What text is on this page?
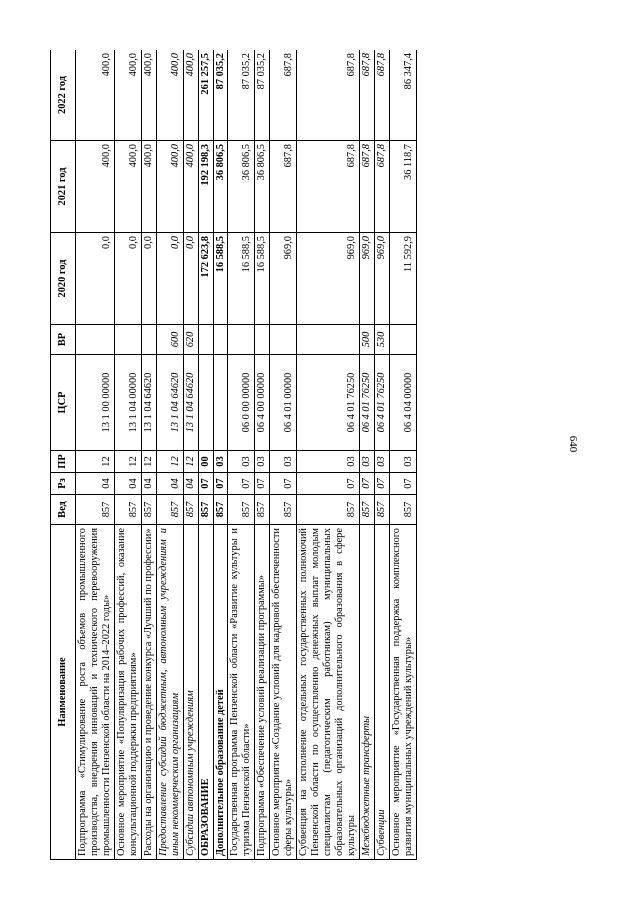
640
Наименование	Вед	Рз	ПР	ЦСР	ВР	2020 год	2021 год	2022 год
Подпрограмма «Стимулирование роста объемов промышленного производства, внедрения инноваций и технического перевооружения промышленности Пензенской области на 2014–2022 годы»	857	04	12	13 1 00 00000		0,0	400,0	400,0
Основное мероприятие «Популяризация рабочих профессий, оказание консультационной поддержки предприятиям»	857	04	12	13 1 04 00000		0,0	400,0	400,0
Расходы на организацию и проведение конкурса «Лучший по профессии»	857	04	12	13 1 04 64620		0,0	400,0	400,0
Предоставление субсидий бюджетным, автономным учреждениям и иным некоммерческим организациям	857	04	12	13 1 04 64620	600	0,0	400,0	400,0
Субсидии автономным учреждениям	857	04	12	13 1 04 64620	620	0,0	400,0	400,0
ОБРАЗОВАНИЕ	857	07	00			172 623,8	192 198,3	261 257,5
Дополнительное образование детей	857	07	03			16 588,5	36 806,5	87 035,2
Государственная программа Пензенской области «Развитие культуры и туризма Пензенской области»	857	07	03	06 0 00 00000		16 588,5	36 806,5	87 035,2
Подпрограмма «Обеспечение условий реализации программы»	857	07	03	06 4 00 00000		16 588,5	36 806,5	87 035,2
Основное мероприятие «Создание условий для кадровой обеспеченности сферы культуры»	857	07	03	06 4 01 00000		969,0	687,8	687,8
Субвенция на исполнение отдельных государственных полномочий Пензенской области по осуществлению денежных выплат молодым специалистам (педагогическим работникам) муниципальных образовательных организаций дополнительного образования в сфере культуры	857	07	03	06 4 01 76250		969,0	687,8	687,8
Межбюджетные трансферты	857	07	03	06 4 01 76250	500	969,0	687,8	687,8
Субвенции	857	07	03	06 4 01 76250	530	969,0	687,8	687,8
Основное мероприятие «Государственная поддержка комплексного развития муниципальных учреждений культуры»	857	07	03	06 4 04 00000		11 592,9	36 118,7	86 347,4
